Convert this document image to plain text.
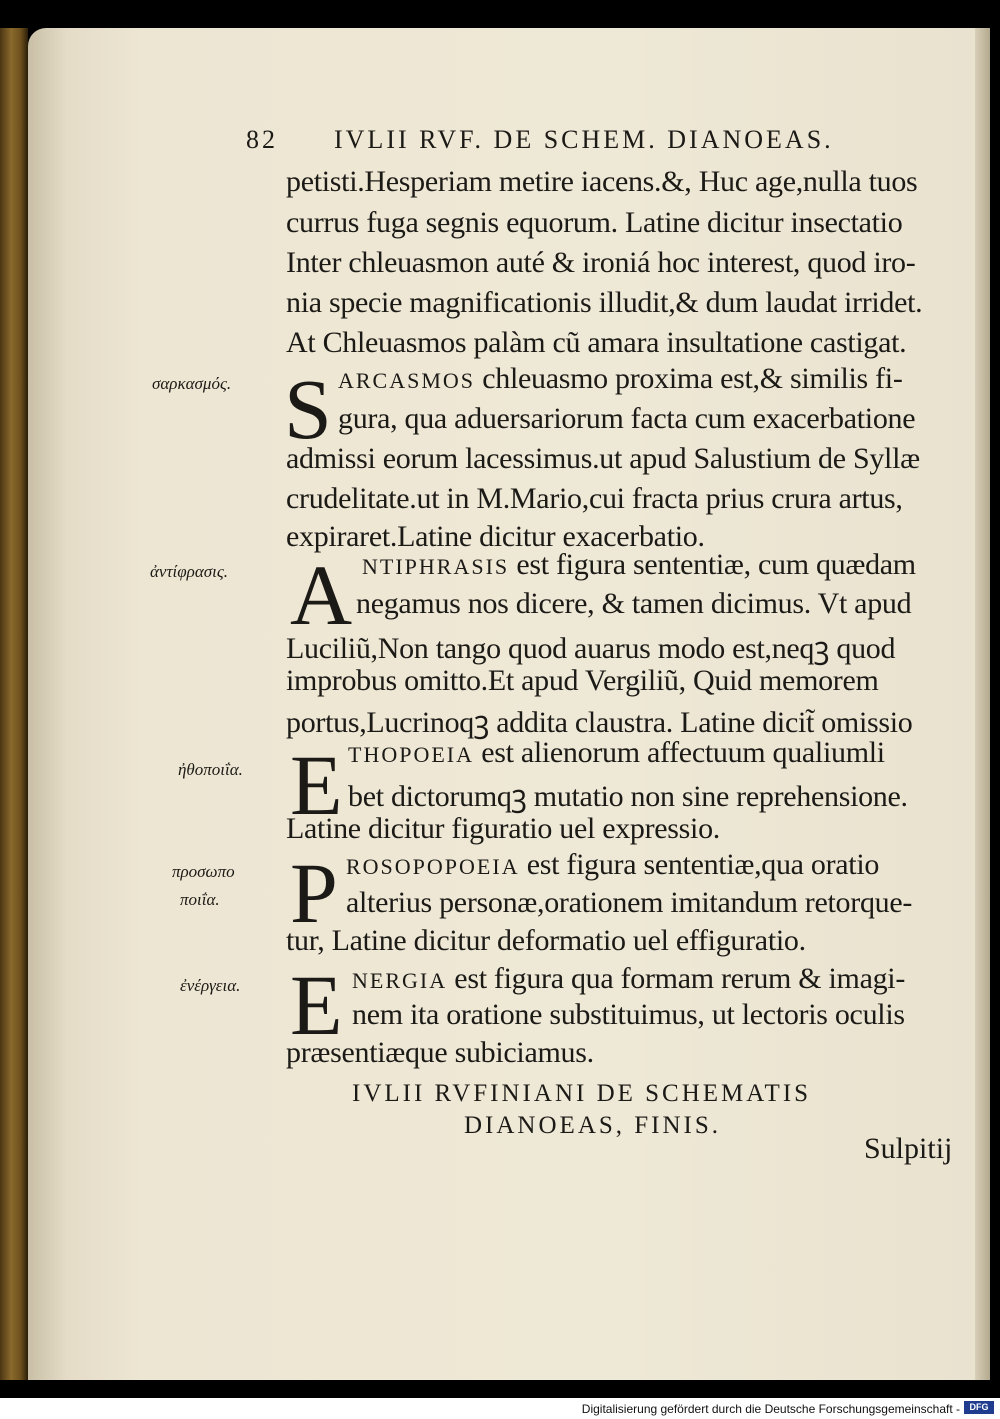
82 IVLII RVF. DE SCHEM. DIANOEAS.
petisti.Hesperiam metire iacens.&, Huc age,nulla tuos
currus fuga segnis equorum. Latine dicitur insectatio
Inter chleuasmon auté & ironiá hoc interest, quod iro-
nia specie magnificationis illudit,& dum laudat irridet.
At Chleuasmos palàm cũ amara insultatione castigat.
σαρκασμός. S ARCASMOS chleuasmo proxima est,& similis fi-
gura, qua aduersariorum facta cum exacerbatione
admissi eorum lacessimus.ut apud Salustium de Syllæ
crudelitate.ut in M.Mario,cui fracta prius crura artus,
expiraret.Latine dicitur exacerbatio.
ἀντίφρασις. A NTIPHRASIS est figura sententiæ, cum quædam
negamus nos dicere, & tamen dicimus. Vt apud
Luciliũ,Non tango quod auarus modo est,neqꝫ quod
improbus omitto.Et apud Vergiliũ, Quid memorem
portus,Lucrinoqꝫ addita claustra. Latine dicit̃ omissio
ἠθοποιΐα. E THOPOEIA est alienorum affectuum qualiumli
bet dictorumqꝫ mutatio non sine reprehensione.
Latine dicitur figuratio uel expressio.
προσωπο
ποιΐα. P ROSOPOPOEIA est figura sententiæ,qua oratio
alterius personæ,orationem imitandum retorque-
tur, Latine dicitur deformatio uel effiguratio.
ἐνέργεια. E NERGIA est figura qua formam rerum & imagi-
nem ita oratione substituimus, ut lectoris oculis
præsentiæque subiciamus.
IVLII RVFINIANI DE SCHEMATIS
DIANOEAS, FINIS.
Sulpitij
Digitalisierung gefördert durch die Deutsche Forschungsgemeinschaft -	DFG
